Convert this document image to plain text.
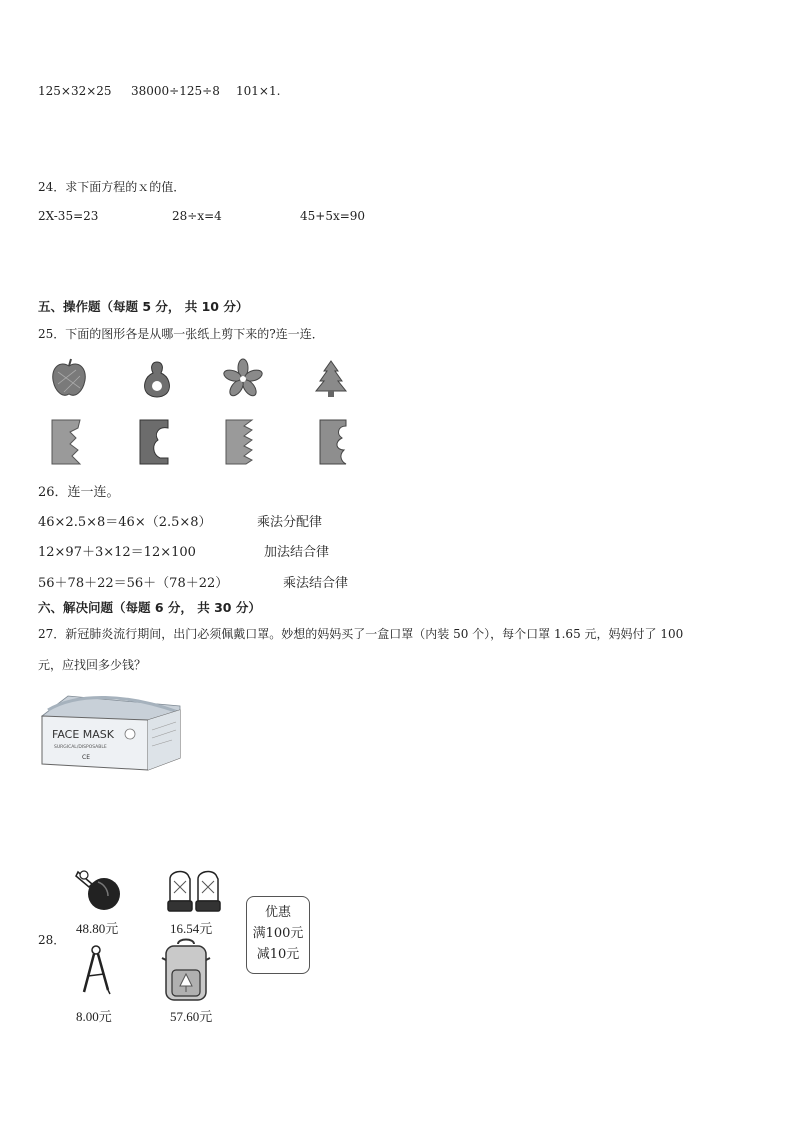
125×32×25 38000÷125÷8 101×1.
24．求下面方程的ｘ的值．
2X-35=23	28÷x=4	45+5x=90
五、操作题（每题 5 分， 共 10 分）
25．下面的图形各是从哪一张纸上剪下来的?连一连．
26．连一连。
46×2.5×8＝46×（2.5×8）	乘法分配律
12×97＋3×12＝12×100	加法结合律
56＋78＋22＝56＋（78＋22）	乘法结合律
六、解决问题（每题 6 分， 共 30 分）
27．新冠肺炎流行期间，出门必须佩戴口罩。妙想的妈妈买了一盒口罩（内装 50 个），每个口罩 1.65 元，妈妈付了 100
元，应找回多少钱？
FACE MASK
SURGICAL/DISPOSABLE
CE
28．
48.80元	16.54元
优惠
满100元
减10元
8.00元	57.60元
